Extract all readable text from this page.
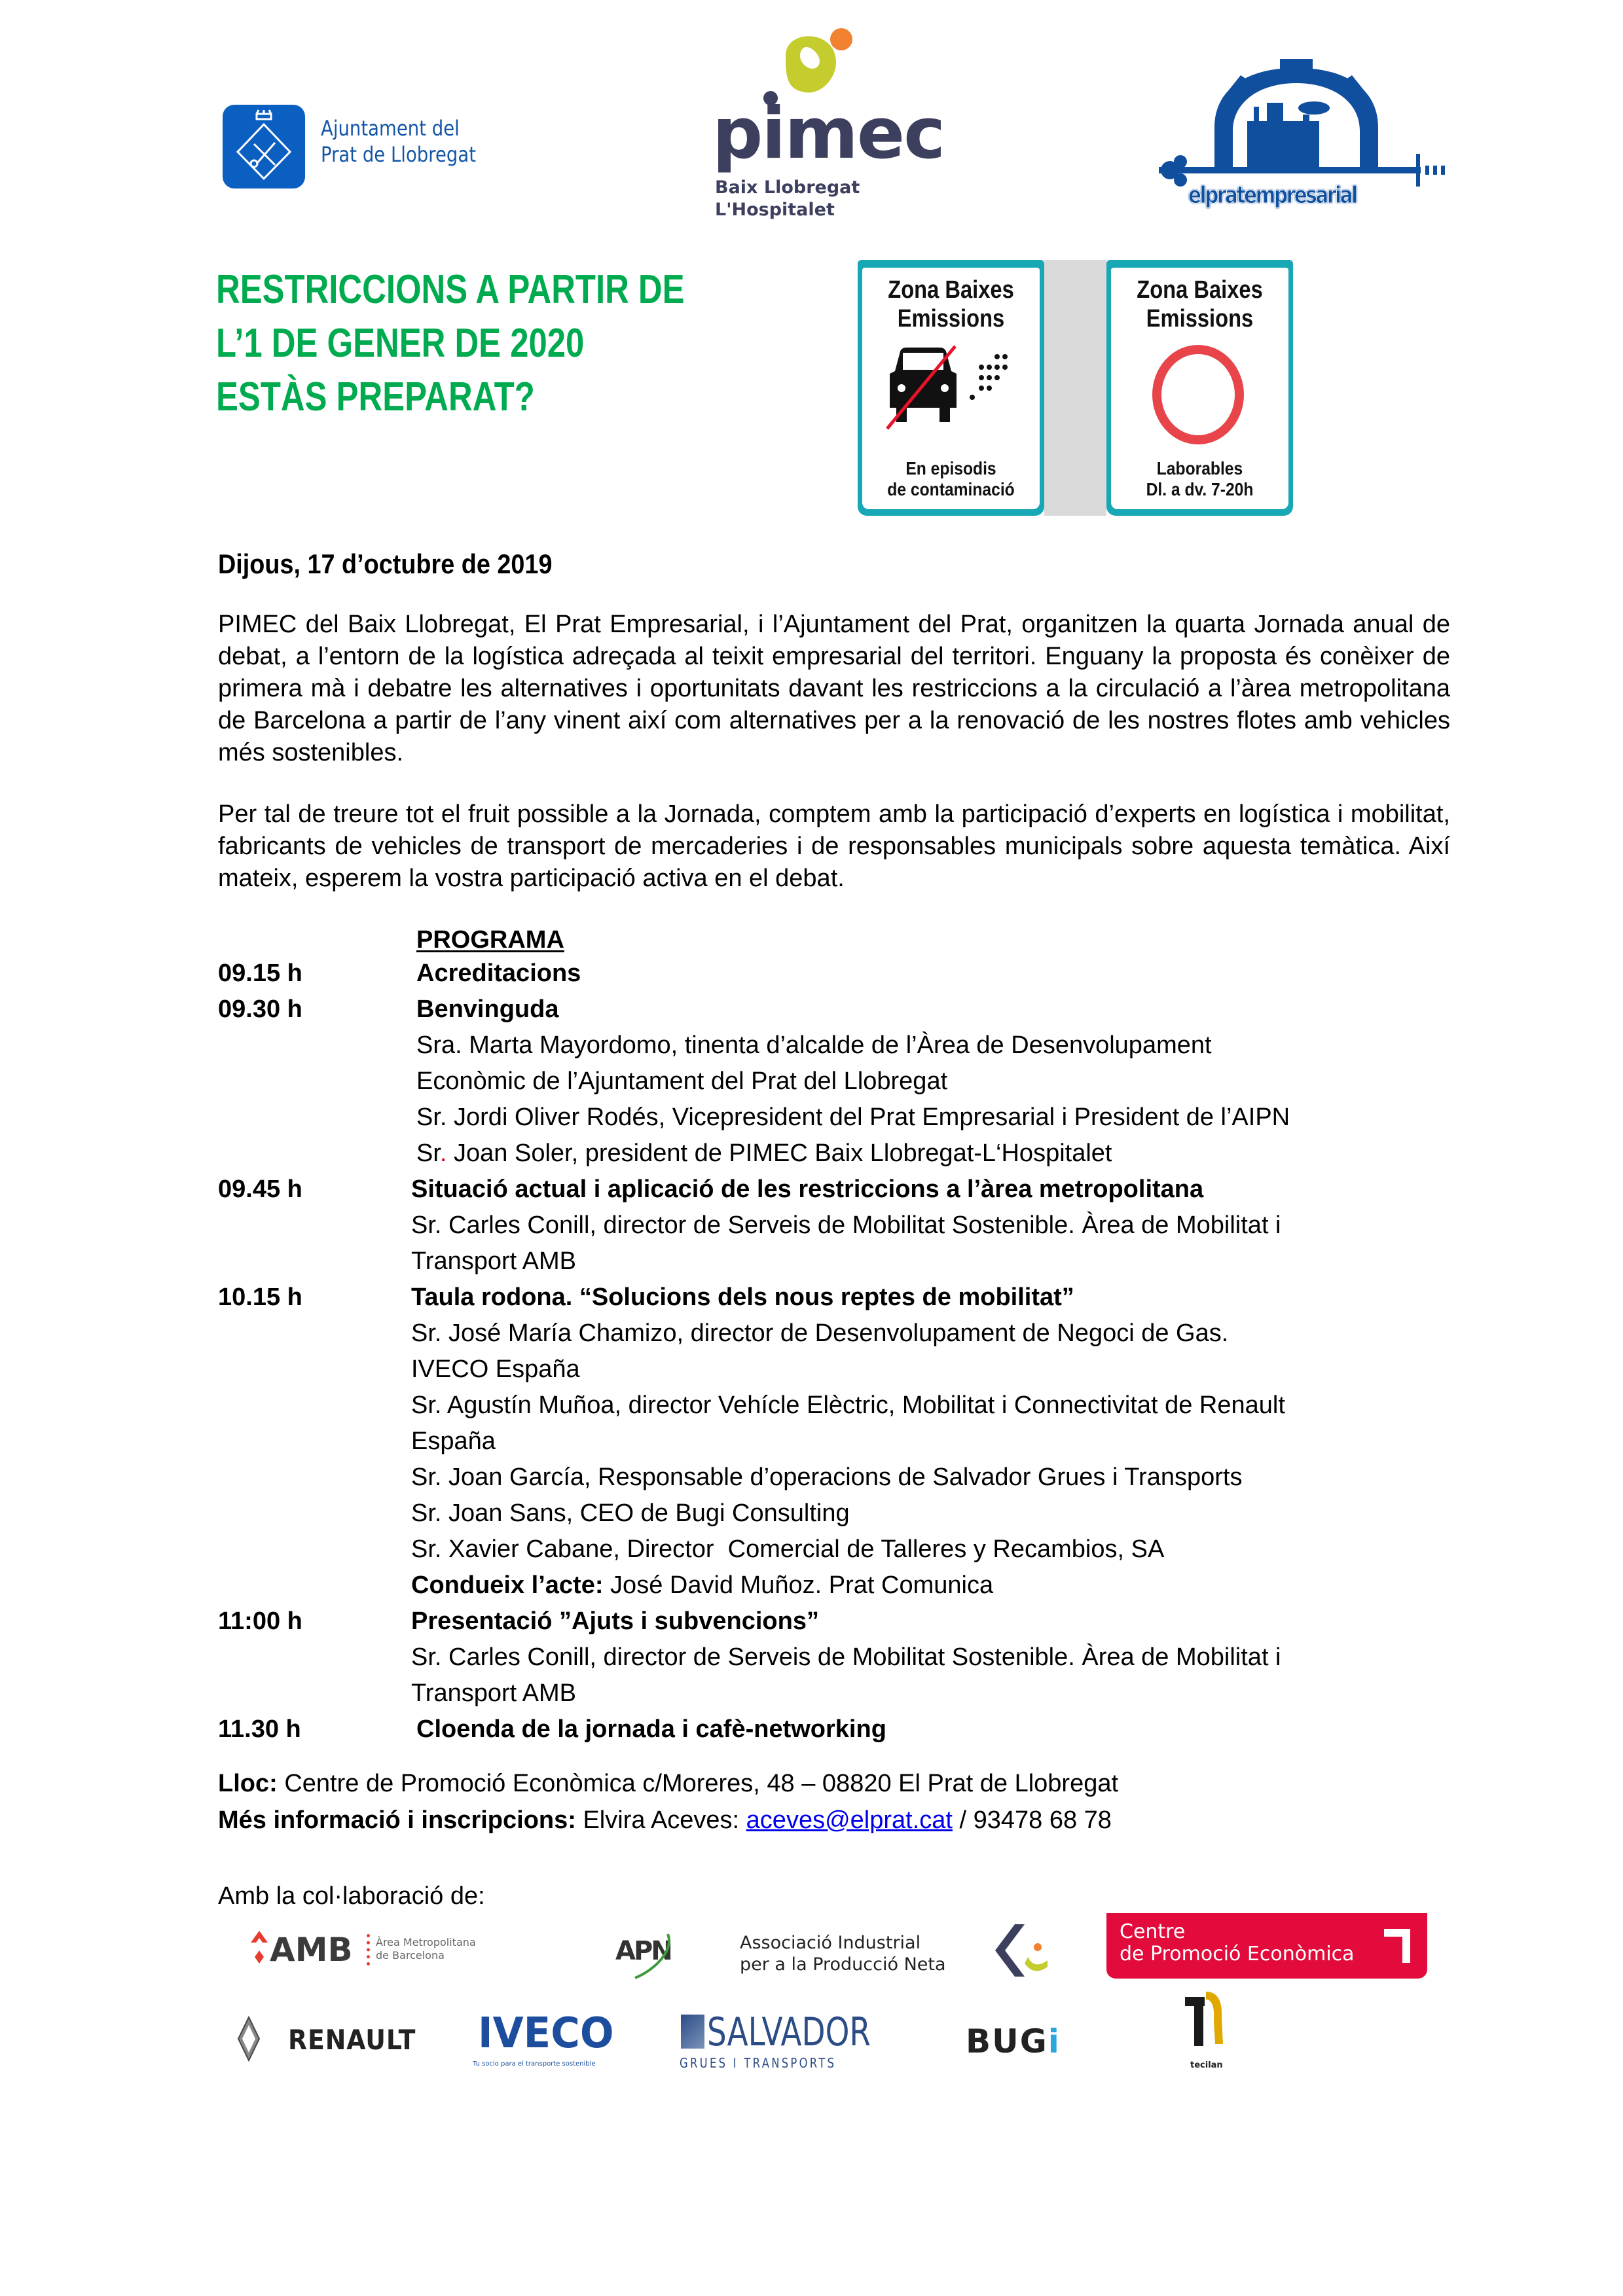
Ajuntament del
Prat de Llobregat	pimec
Baix Llobregat
L'Hospitalet
elpratempresarial
RESTRICCIONS A PARTIR DE
L’1 DE GENER DE 2020
ESTÀS PREPARAT?
Zona Baixes
Emissions
En episodis
de contaminació
Zona Baixes
Emissions
Laborables
Dl. a dv. 7-20h
Dijous, 17 d’octubre de 2019
PIMEC del Baix Llobregat, El Prat Empresarial, i l’Ajuntament del Prat, organitzen la quarta Jornada anual de debat, a l’entorn de la logística adreçada al teixit empresarial del territori. Enguany la proposta és conèixer de primera mà i debatre les alternatives i oportunitats davant les restriccions a la circulació a l’àrea metropolitana de Barcelona a partir de l’any vinent així com alternatives per a la renovació de les nostres flotes amb vehicles més sostenibles.
Per tal de treure tot el fruit possible a la Jornada, comptem amb la participació d’experts en logística i mobilitat, fabricants de vehicles de transport de mercaderies i de responsables municipals sobre aquesta temàtica. Així mateix, esperem la vostra participació activa en el debat.
PROGRAMA
09.15 h	Acreditacions
09.30 h	Benvinguda
Sra. Marta Mayordomo, tinenta d’alcalde de l’Àrea de Desenvolupament
Econòmic de l’Ajuntament del Prat del Llobregat
Sr. Jordi Oliver Rodés, Vicepresident del Prat Empresarial i President de l’AIPN
Sr. Joan Soler, president de PIMEC Baix Llobregat-L‘Hospitalet
09.45 h	Situació actual i aplicació de les restriccions a l’àrea metropolitana
Sr. Carles Conill, director de Serveis de Mobilitat Sostenible. Àrea de Mobilitat i
Transport AMB
10.15 h	Taula rodona. “Solucions dels nous reptes de mobilitat”
Sr. José María Chamizo, director de Desenvolupament de Negoci de Gas.
IVECO España
Sr. Agustín Muñoa, director Vehícle Elèctric, Mobilitat i Connectivitat de Renault
España
Sr. Joan García, Responsable d’operacions de Salvador Grues i Transports
Sr. Joan Sans, CEO de Bugi Consulting
Sr. Xavier Cabane, Director  Comercial de Talleres y Recambios, SA
Condueix l’acte: José David Muñoz. Prat Comunica
11:00 h	Presentació ”Ajuts i subvencions”
Sr. Carles Conill, director de Serveis de Mobilitat Sostenible. Àrea de Mobilitat i
Transport AMB
11.30 h	Cloenda de la jornada i cafè-networking
Lloc: Centre de Promoció Econòmica c/Moreres, 48 – 08820 El Prat de Llobregat
Més informació i inscripcions: Elvira Aceves: aceves@elprat.cat / 93478 68 78
Amb la col·laboració de:
AMB Àrea Metropolitana
de Barcelona	APN	Associació Industrial
per a la Producció Neta
Centre
de Promoció Econòmica
RENAULT IVECO
Tu socio para el transporte sostenible
SALVADOR
GRUES I TRANSPORTS
BUGi
tecilan
